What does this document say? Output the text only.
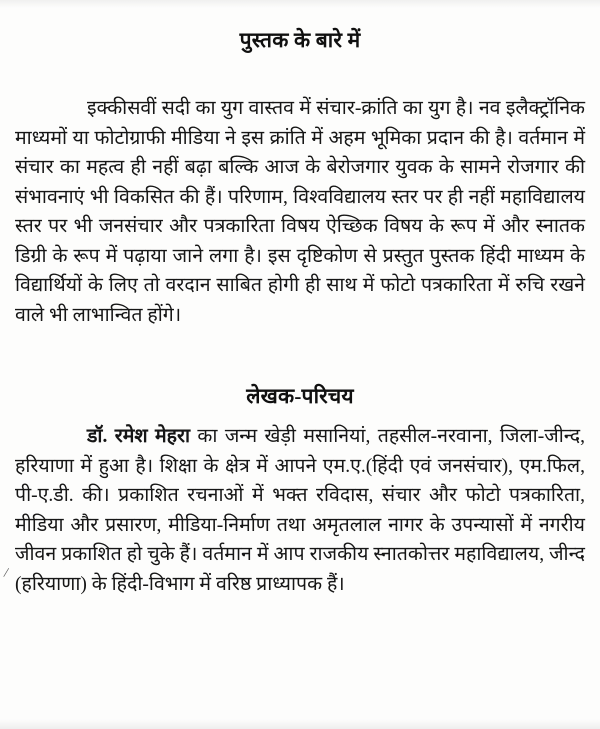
पुस्तक के बारे में

इक्कीसवीं सदी का युग वास्तव में संचार-क्रांति का युग है। नव इलैक्ट्रॉनिक माध्यमों या फोटोग्राफी मीडिया ने इस क्रांति में अहम भूमिका प्रदान की है। वर्तमान में संचार का महत्व ही नहीं बढ़ा बल्कि आज के बेरोजगार युवक के सामने रोजगार की संभावनाएं भी विकसित की हैं। परिणाम, विश्वविद्यालय स्तर पर ही नहीं महाविद्यालय स्तर पर भी जनसंचार और पत्रकारिता विषय ऐच्छिक विषय के रूप में और स्नातक डिग्री के रूप में पढ़ाया जाने लगा है। इस दृष्टिकोण से प्रस्तुत पुस्तक हिंदी माध्यम के विद्यार्थियों के लिए तो वरदान साबित होगी ही साथ में फोटो पत्रकारिता में रुचि रखने वाले भी लाभान्वित होंगे।

लेखक-परिचय

डॉ. रमेश मेहरा का जन्म खेड़ी मसानियां, तहसील-नरवाना, जिला-जीन्द, हरियाणा में हुआ है। शिक्षा के क्षेत्र में आपने एम.ए.(हिंदी एवं जनसंचार), एम.फिल, पी-ए.डी. की। प्रकाशित रचनाओं में भक्त रविदास, संचार और फोटो पत्रकारिता, मीडिया और प्रसारण, मीडिया-निर्माण तथा अमृतलाल नागर के उपन्यासों में नगरीय जीवन प्रकाशित हो चुके हैं। वर्तमान में आप राजकीय स्नातकोत्तर महाविद्यालय, जीन्द (हरियाणा) के हिंदी-विभाग में वरिष्ठ प्राध्यापक हैं।

/
